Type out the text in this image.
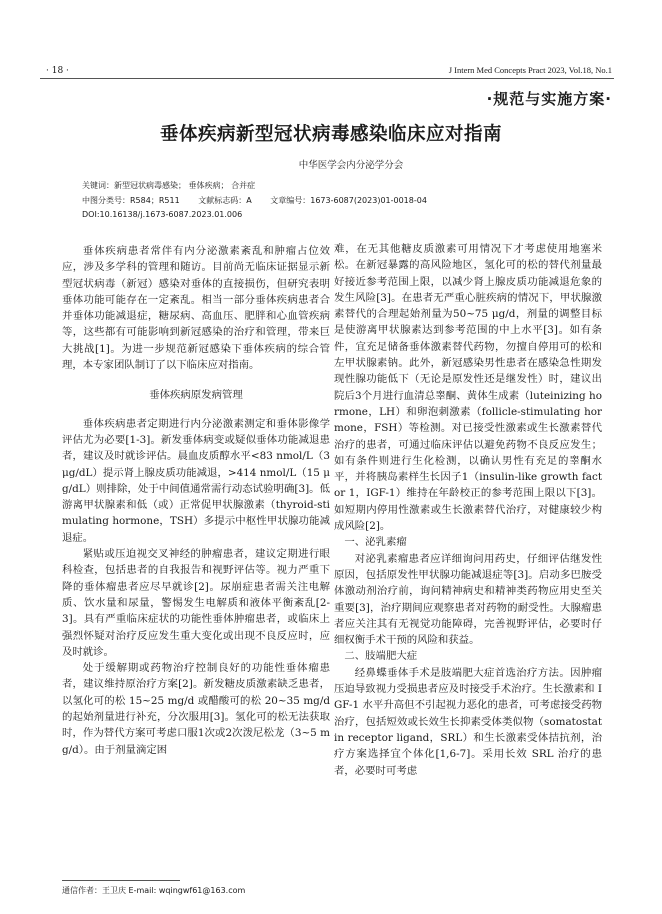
· 18 ·	J Intern Med Concepts Pract 2023, Vol.18, No.1
·规范与实施方案·
垂体疾病新型冠状病毒感染临床应对指南
中华医学会内分泌学分会
关键词：新型冠状病毒感染； 垂体疾病； 合并症
中图分类号：R584；R511 文献标志码：A 文章编号：1673-6087(2023)01-0018-04
DOI:10.16138/j.1673-6087.2023.01.006

垂体疾病患者常伴有内分泌激素紊乱和肿瘤占位效应，涉及多学科的管理和随访。目前尚无临床证据显示新型冠状病毒（新冠）感染对垂体的直接损伤，但研究表明垂体功能可能存在一定紊乱。相当一部分垂体疾病患者合并垂体功能减退症，糖尿病、高血压、肥胖和心血管疾病等，这些都有可能影响到新冠感染的治疗和管理，带来巨大挑战[1]。为进一步规范新冠感染下垂体疾病的综合管理，本专家团队制订了以下临床应对指南。

垂体疾病原发病管理

垂体疾病患者定期进行内分泌激素测定和垂体影像学评估尤为必要[1-3]。新发垂体病变或疑似垂体功能减退患者，建议及时就诊评估。晨血皮质醇水平<83 nmol/L（3 μg/dL）提示肾上腺皮质功能减退，>414 nmol/L（15 μg/dL）则排除，处于中间值通常需行动态试验明确[3]。低游离甲状腺素和低（或）正常促甲状腺激素（thyroid-stimulating hormone，TSH）多提示中枢性甲状腺功能减退症。

紧贴或压迫视交叉神经的肿瘤患者，建议定期进行眼科检查，包括患者的自我报告和视野评估等。视力严重下降的垂体瘤患者应尽早就诊[2]。尿崩症患者需关注电解质、饮水量和尿量，警惕发生电解质和液体平衡紊乱[2-3]。具有严重临床症状的功能性垂体肿瘤患者，或临床上强烈怀疑对治疗反应发生重大变化或出现不良反应时，应及时就诊。

处于缓解期或药物治疗控制良好的功能性垂体瘤患者，建议维持原治疗方案[2]。新发糖皮质激素缺乏患者，以氢化可的松 15~25 mg/d 或醋酸可的松 20~35 mg/d 的起始剂量进行补充，分次服用[3]。氢化可的松无法获取时，作为替代方案可考虑口服1次或2次泼尼松龙（3~5 mg/d）。由于剂量滴定困

难，在无其他糖皮质激素可用情况下才考虑使用地塞米松。在新冠暴露的高风险地区，氢化可的松的替代剂量最好接近参考范围上限，以减少肾上腺皮质功能减退危象的发生风险[3]。在患者无严重心脏疾病的情况下，甲状腺激素替代的合理起始剂量为50~75 μg/d，剂量的调整目标是使游离甲状腺素达到参考范围的中上水平[3]。如有条件，宜充足储备垂体激素替代药物，勿擅自停用可的松和左甲状腺素钠。此外，新冠感染男性患者在感染急性期发现性腺功能低下（无论是原发性还是继发性）时，建议出院后3个月进行血清总睾酮、黄体生成素（luteinizing hormone，LH）和卵泡刺激素（follicle-stimulating hormone，FSH）等检测。对已接受性激素或生长激素替代治疗的患者，可通过临床评估以避免药物不良反应发生；如有条件则进行生化检测，以确认男性有充足的睾酮水平，并将胰岛素样生长因子1（insulin-like growth factor 1，IGF-1）维持在年龄校正的参考范围上限以下[3]。如短期内停用性激素或生长激素替代治疗，对健康较少构成风险[2]。

一、泌乳素瘤

对泌乳素瘤患者应详细询问用药史，仔细评估继发性原因，包括原发性甲状腺功能减退症等[3]。启动多巴胺受体激动剂治疗前，询问精神病史和精神类药物应用史至关重要[3]，治疗期间应观察患者对药物的耐受性。大腺瘤患者应关注其有无视觉功能障碍，完善视野评估，必要时仔细权衡手术干预的风险和获益。

二、肢端肥大症

经鼻蝶垂体手术是肢端肥大症首选治疗方法。因肿瘤压迫导致视力受损患者应及时接受手术治疗。生长激素和 IGF-1 水平升高但不引起视力恶化的患者，可考虑接受药物治疗，包括短效或长效生长抑素受体类似物（somatostatin receptor ligand，SRL）和生长激素受体拮抗剂，治疗方案选择宜个体化[1,6-7]。采用长效 SRL 治疗的患者，必要时可考虑

通信作者：王卫庆 E-mail: wqingwf61@163.com
